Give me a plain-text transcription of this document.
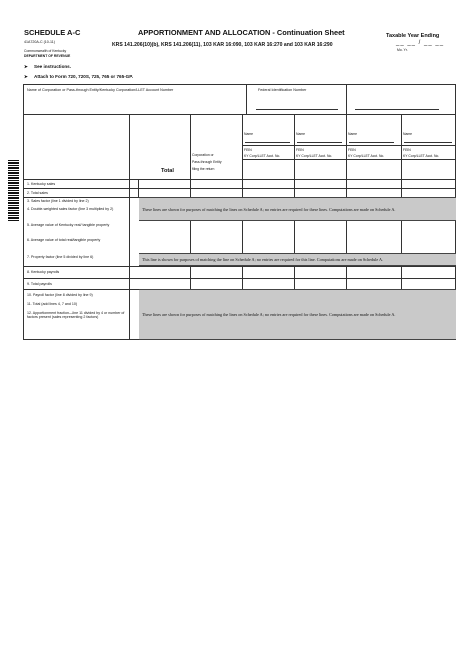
SCHEDULE A-C
41A720A-C (10-11)
Commonwealth of Kentucky
DEPARTMENT OF REVENUE
APPORTIONMENT AND ALLOCATION - Continuation Sheet
KRS 141.206(10)(b), KRS 141.206(11), 103 KAR 16:090, 103 KAR 16:270 and 103 KAR 16:290
Taxable Year Ending
__ __ / __ __
Mo. Yr.
➤ See instructions.
➤ Attach to Form 720, 720S, 725, 765 or 765-GP.
Name of Corporation or Pass-through Entity/Kentucky Corporation/LLET Account Number	Federal Identification Number
Total
Corporation or
Pass-through Entity
filing the return
Name
FEIN
KY Corp/LLET Acct. No.
Name
FEIN
KY Corp/LLET Acct. No.
Name
FEIN
KY Corp/LLET Acct. No.
Name
FEIN
KY Corp/LLET Acct. No.
1. Kentucky sales
2. Total sales
3. Sales factor (line 1 divided by line 2)
4. Double-weighted sales factor (line 3 multiplied by 2)
5. Average value of Kentucky real/ tangible property
6. Average value of total real/tangible property
7. Property factor (line 5 divided by line 6)
8. Kentucky payrolls
9. Total payrolls
10. Payroll factor (line 8 divided by line 9)
11. Total (add lines 4, 7 and 10)
12. Apportionment fraction—line 11 divided by 4 or number of factors present (sales representing 2 factors)
These lines are shown for purposes of matching the lines on Schedule A; no entries are required for these lines. Computations are made on Schedule A.
This line is shown for purposes of matching the line on Schedule A; no entries are required for this line. Computations are made on Schedule A.
These lines are shown for purposes of matching the lines on Schedule A; no entries are required for these lines. Computations are made on Schedule A.
